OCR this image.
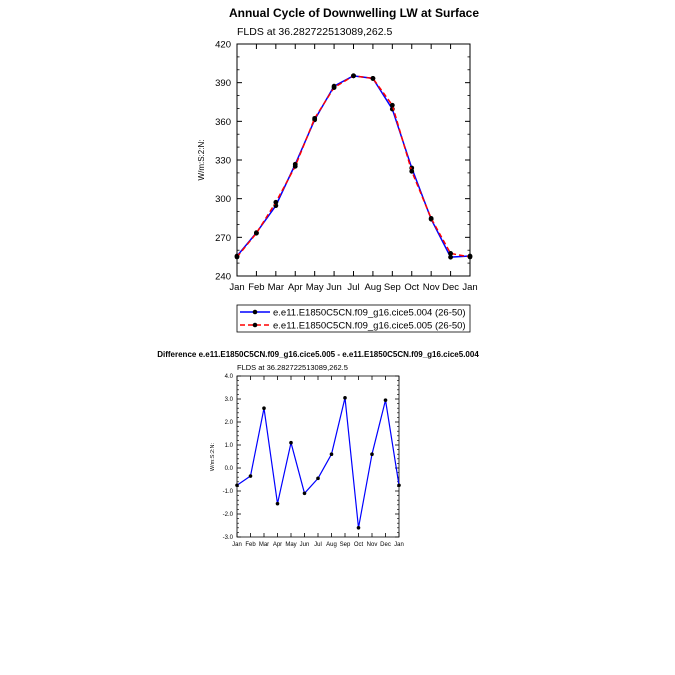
Annual Cycle of Downwelling LW at Surface
FLDS at 36.282722513089,262.5
W/m:S:2:N:
240
270
300
330
360
390
420
Jan Feb Mar Apr May Jun Jul Aug Sep Oct Nov Dec Jan
e.e11.E1850C5CN.f09_g16.cice5.004 (26-50)
e.e11.E1850C5CN.f09_g16.cice5.005 (26-50)
Difference e.e11.E1850C5CN.f09_g16.cice5.005 - e.e11.E1850C5CN.f09_g16.cice5.004
FLDS at 36.282722513089,262.5
W/m:S:2:N:
-3.0
-2.0
-1.0
0.0
1.0
2.0
3.0
4.0
Jan Feb Mar Apr May Jun Jul Aug Sep Oct Nov Dec Jan
